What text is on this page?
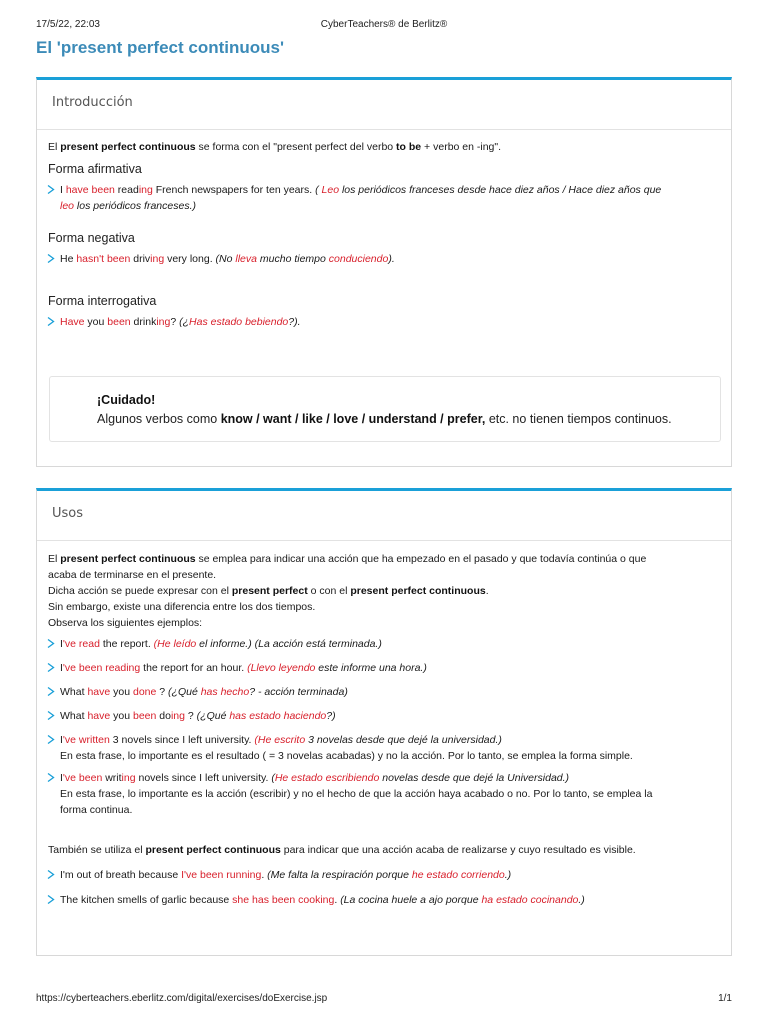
17/5/22, 22:03	CyberTeachers® de Berlitz®
El 'present perfect continuous'
Introducción
El present perfect continuous se forma con el "present perfect del verbo to be + verbo en -ing".
Forma afirmativa
I have been reading French newspapers for ten years. ( Leo los periódicos franceses desde hace diez años / Hace diez años que
leo los periódicos franceses.)
Forma negativa
He hasn't been driving very long. (No lleva mucho tiempo conduciendo).
Forma interrogativa
Have you been drinking? (¿Has estado bebiendo?).
¡Cuidado!
Algunos verbos como know / want / like / love / understand / prefer, etc. no tienen tiempos continuos.
Usos
El present perfect continuous se emplea para indicar una acción que ha empezado en el pasado y que todavía continúa o que
acaba de terminarse en el presente.
Dicha acción se puede expresar con el present perfect o con el present perfect continuous.
Sin embargo, existe una diferencia entre los dos tiempos.
Observa los siguientes ejemplos:
I've read the report. (He leído el informe.) (La acción está terminada.)
I've been reading the report for an hour. (Llevo leyendo este informe una hora.)
What have you done ? (¿Qué has hecho? - acción terminada)
What have you been doing ? (¿Qué has estado haciendo?)
I've written 3 novels since I left university. (He escrito 3 novelas desde que dejé la universidad.)
En esta frase, lo importante es el resultado ( = 3 novelas acabadas) y no la acción. Por lo tanto, se emplea la forma simple.
I've been writing novels since I left university. (He estado escribiendo novelas desde que dejé la Universidad.)
En esta frase, lo importante es la acción (escribir) y no el hecho de que la acción haya acabado o no. Por lo tanto, se emplea la
forma continua.
También se utiliza el present perfect continuous para indicar que una acción acaba de realizarse y cuyo resultado es visible.
I'm out of breath because I've been running. (Me falta la respiración porque he estado corriendo.)
The kitchen smells of garlic because she has been cooking. (La cocina huele a ajo porque ha estado cocinando.)
https://cyberteachers.eberlitz.com/digital/exercises/doExercise.jsp	1/1
